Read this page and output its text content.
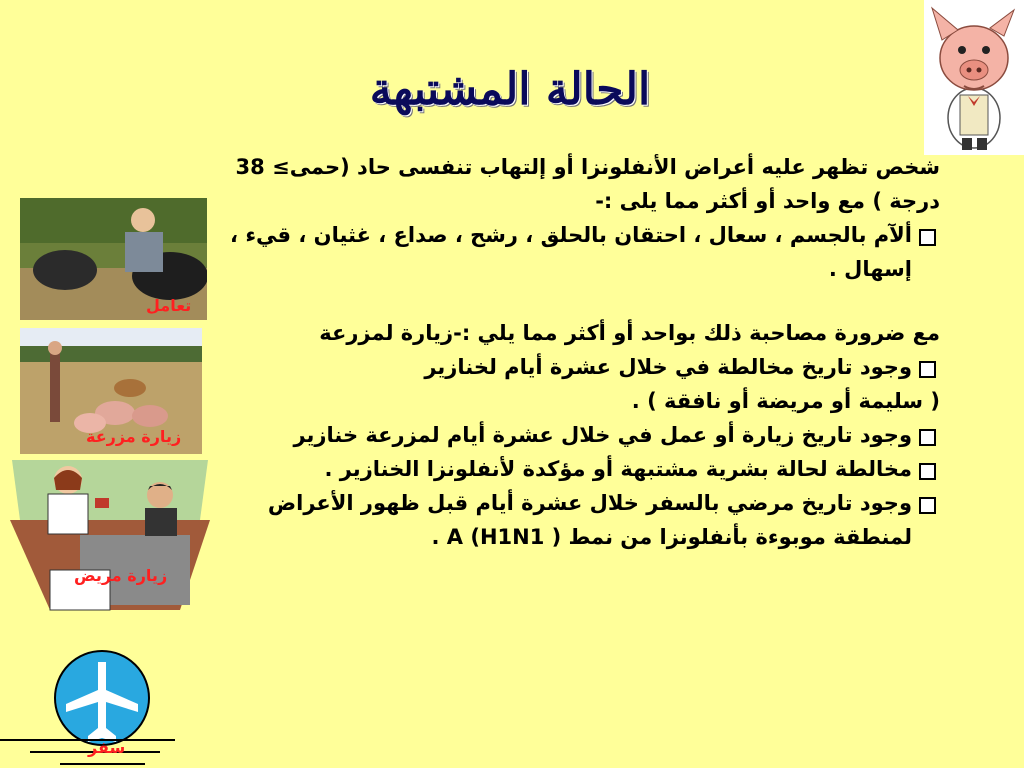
الحالة المشتبهة
تعامل
زيارة مزرعة
زيارة مريض
سفر

شخص تظهر عليه أعراض الأنفلونزا أو إلتهاب تنفسى حاد (حمى≥ 38 درجة ) مع واحد أو أكثر مما يلى :-

ألآم بالجسم ، سعال ، احتقان بالحلق ، رشح ، صداع ، غثيان ، قيء ، إسهال .

مع ضرورة مصاحبة ذلك بواحد أو أكثر مما يلي :-زيارة لمزرعة

وجود تاريخ مخالطة في خلال عشرة أيام لخنازير

( سليمة أو مريضة أو نافقة ) .

وجود تاريخ زيارة أو عمل في خلال عشرة أيام لمزرعة خنازير

مخالطة لحالة بشرية مشتبهة أو مؤكدة لأنفلونزا الخنازير .

وجود تاريخ مرضي بالسفر خلال عشرة أيام قبل ظهور الأعراض لمنطقة موبوءة بأنفلونزا من نمط ( A (H1N1 .
